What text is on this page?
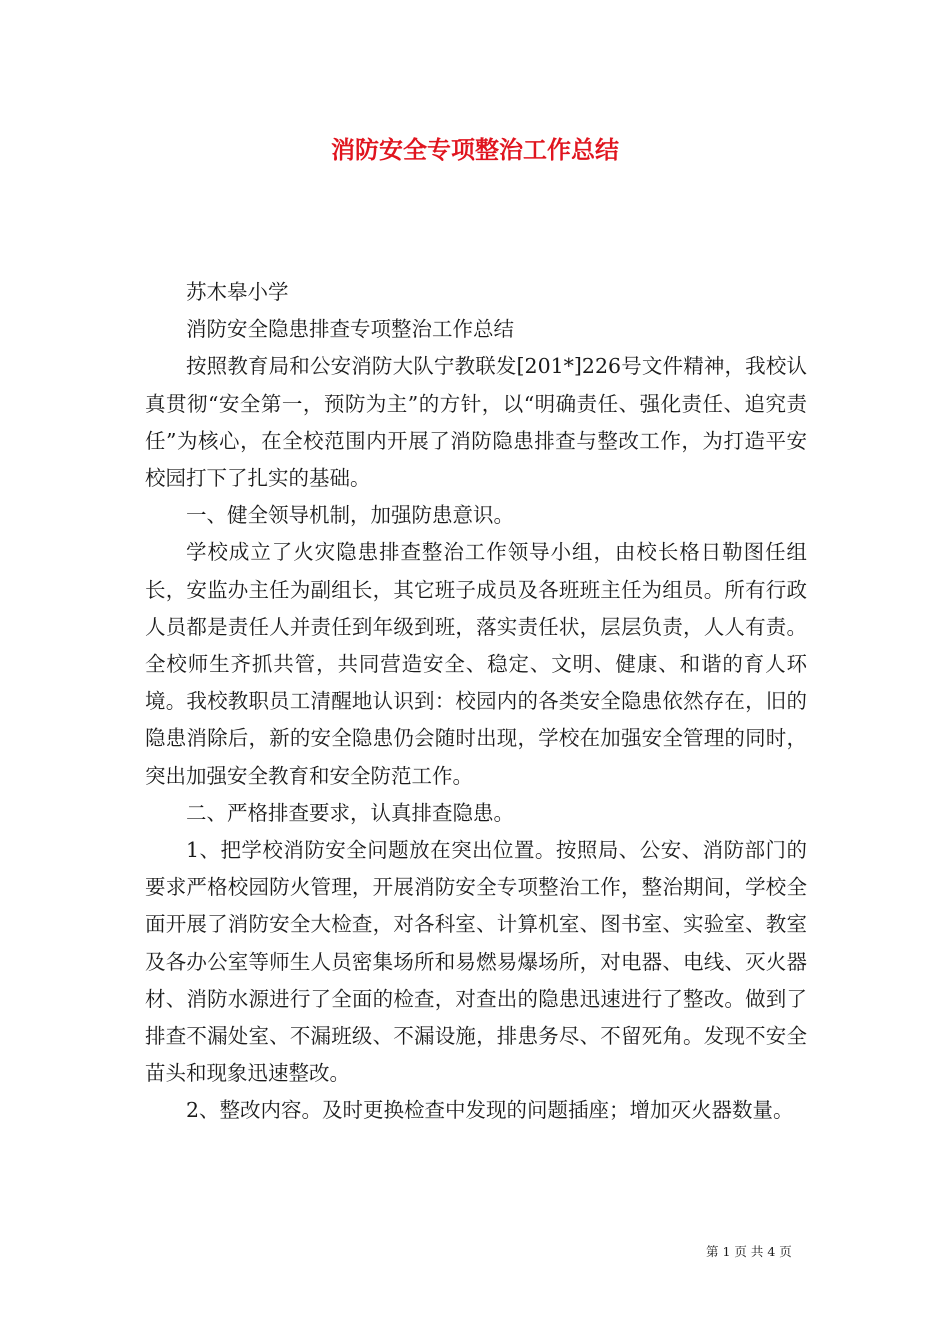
消防安全专项整治工作总结

苏木皋小学

消防安全隐患排查专项整治工作总结

按照教育局和公安消防大队宁教联发[201*]226号文件精神，我校认真贯彻“安全第一，预防为主”的方针，以“明确责任、强化责任、追究责任”为核心，在全校范围内开展了消防隐患排查与整改工作，为打造平安校园打下了扎实的基础。

一、健全领导机制，加强防患意识。

学校成立了火灾隐患排查整治工作领导小组，由校长格日勒图任组长，安监办主任为副组长，其它班子成员及各班班主任为组员。所有行政人员都是责任人并责任到年级到班，落实责任状，层层负责，人人有责。全校师生齐抓共管，共同营造安全、稳定、文明、健康、和谐的育人环境。我校教职员工清醒地认识到：校园内的各类安全隐患依然存在，旧的隐患消除后，新的安全隐患仍会随时出现，学校在加强安全管理的同时，突出加强安全教育和安全防范工作。

二、严格排查要求，认真排查隐患。

1、把学校消防安全问题放在突出位置。按照局、公安、消防部门的要求严格校园防火管理，开展消防安全专项整治工作，整治期间，学校全面开展了消防安全大检查，对各科室、计算机室、图书室、实验室、教室及各办公室等师生人员密集场所和易燃易爆场所，对电器、电线、灭火器材、消防水源进行了全面的检查，对查出的隐患迅速进行了整改。做到了排查不漏处室、不漏班级、不漏设施，排患务尽、不留死角。发现不安全苗头和现象迅速整改。

2、整改内容。及时更换检查中发现的问题插座；增加灭火器数量。

第 1 页 共 4 页
